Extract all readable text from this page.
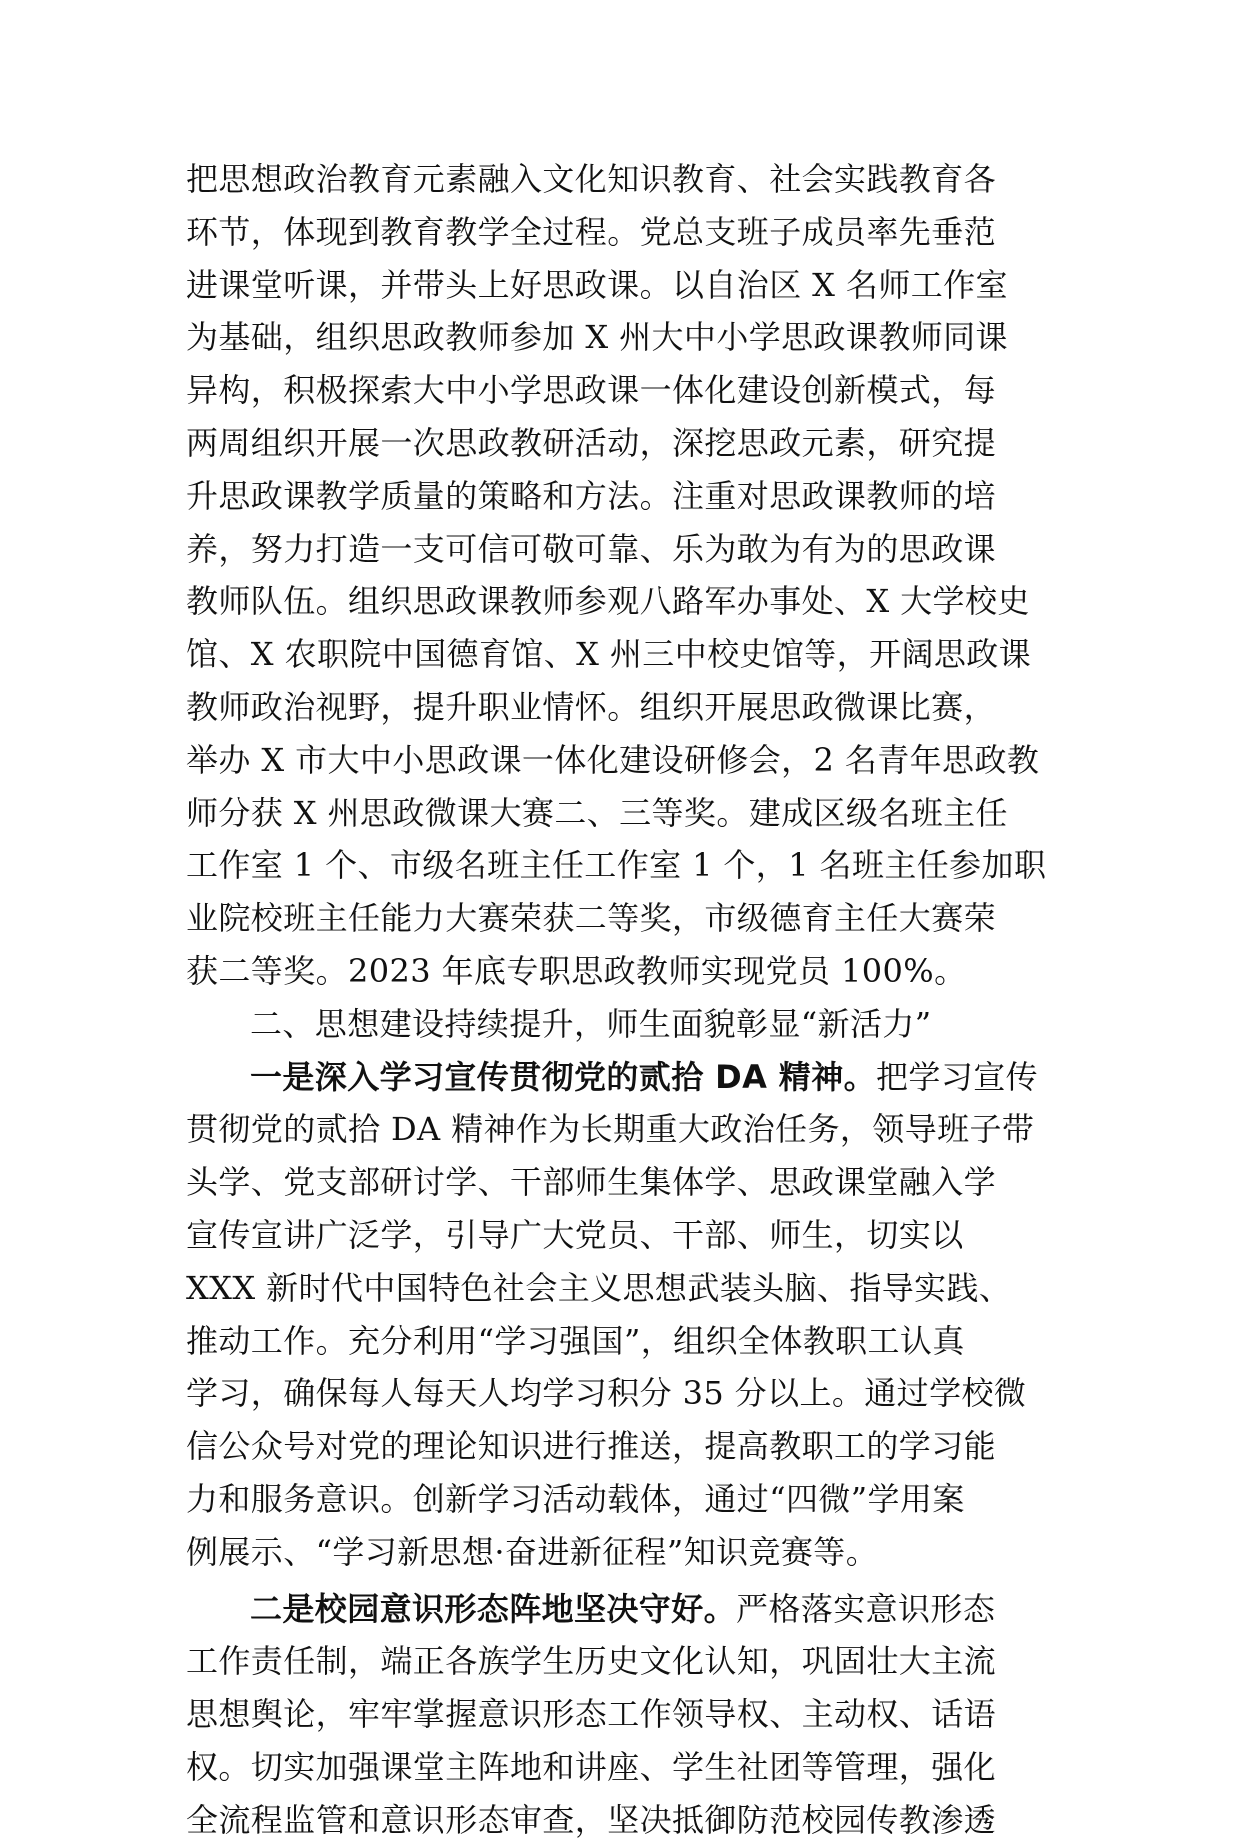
把思想政治教育元素融入文化知识教育、社会实践教育各
环节，体现到教育教学全过程。党总支班子成员率先垂范
进课堂听课，并带头上好思政课。以自治区 X 名师工作室
为基础，组织思政教师参加 X 州大中小学思政课教师同课
异构，积极探索大中小学思政课一体化建设创新模式，每
两周组织开展一次思政教研活动，深挖思政元素，研究提
升思政课教学质量的策略和方法。注重对思政课教师的培
养，努力打造一支可信可敬可靠、乐为敢为有为的思政课
教师队伍。组织思政课教师参观八路军办事处、X 大学校史
馆、X 农职院中国德育馆、X 州三中校史馆等，开阔思政课
教师政治视野，提升职业情怀。组织开展思政微课比赛，
举办 X 市大中小思政课一体化建设研修会，2 名青年思政教
师分获 X 州思政微课大赛二、三等奖。建成区级名班主任
工作室 1 个、市级名班主任工作室 1 个，1 名班主任参加职
业院校班主任能力大赛荣获二等奖，市级德育主任大赛荣
获二等奖。2023 年底专职思政教师实现党员 100%。
二、思想建设持续提升，师生面貌彰显“新活力”
一是深入学习宣传贯彻党的贰拾 DA 精神。把学习宣传
贯彻党的贰拾 DA 精神作为长期重大政治任务，领导班子带
头学、党支部研讨学、干部师生集体学、思政课堂融入学
宣传宣讲广泛学，引导广大党员、干部、师生，切实以
XXX 新时代中国特色社会主义思想武装头脑、指导实践、
推动工作。充分利用“学习强国”，组织全体教职工认真
学习，确保每人每天人均学习积分 35 分以上。通过学校微
信公众号对党的理论知识进行推送，提高教职工的学习能
力和服务意识。创新学习活动载体，通过“四微”学用案
例展示、“学习新思想·奋进新征程”知识竞赛等。
二是校园意识形态阵地坚决守好。严格落实意识形态
工作责任制，端正各族学生历史文化认知，巩固壮大主流
思想舆论，牢牢掌握意识形态工作领导权、主动权、话语
权。切实加强课堂主阵地和讲座、学生社团等管理，强化
全流程监管和意识形态审查，坚决抵御防范校园传教渗透
